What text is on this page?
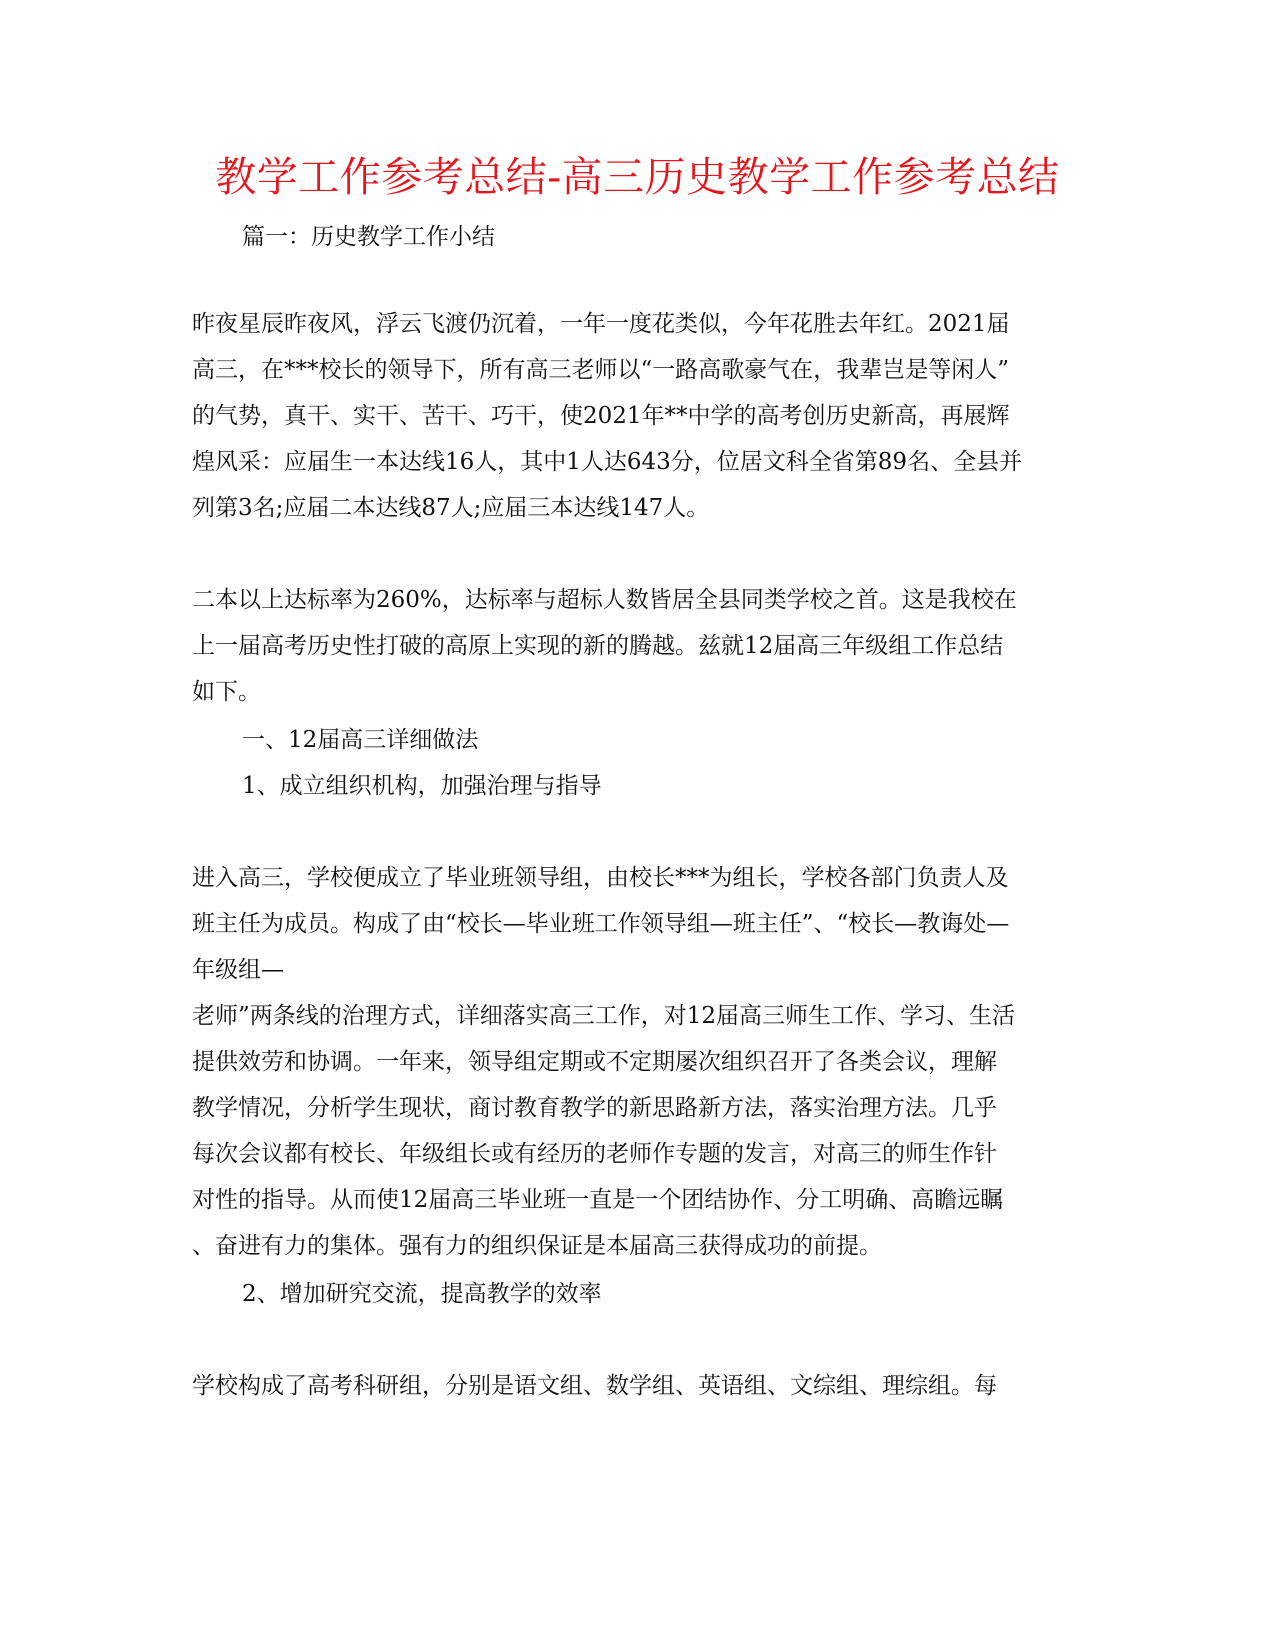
教学工作参考总结-高三历史教学工作参考总结
篇一：历史教学工作小结
昨夜星辰昨夜风，浮云飞渡仍沉着，一年一度花类似，今年花胜去年红。2021届
高三，在***校长的领导下，所有高三老师以“一路高歌豪气在，我辈岂是等闲人”
的气势，真干、实干、苦干、巧干，使2021年**中学的高考创历史新高，再展辉
煌风采：应届生一本达线16人，其中1人达643分，位居文科全省第89名、全县并
列第3名;应届二本达线87人;应届三本达线147人。
二本以上达标率为260%，达标率与超标人数皆居全县同类学校之首。这是我校在
上一届高考历史性打破的高原上实现的新的腾越。兹就12届高三年级组工作总结
如下。
一、12届高三详细做法
1、成立组织机构，加强治理与指导
进入高三，学校便成立了毕业班领导组，由校长***为组长，学校各部门负责人及
班主任为成员。构成了由“校长—毕业班工作领导组—班主任”、“校长—教诲处—
年级组—
老师”两条线的治理方式，详细落实高三工作，对12届高三师生工作、学习、生活
提供效劳和协调。一年来，领导组定期或不定期屡次组织召开了各类会议，理解
教学情况，分析学生现状，商讨教育教学的新思路新方法，落实治理方法。几乎
每次会议都有校长、年级组长或有经历的老师作专题的发言，对高三的师生作针
对性的指导。从而使12届高三毕业班一直是一个团结协作、分工明确、高瞻远瞩
、奋进有力的集体。强有力的组织保证是本届高三获得成功的前提。
2、增加研究交流，提高教学的效率
学校构成了高考科研组，分别是语文组、数学组、英语组、文综组、理综组。每
